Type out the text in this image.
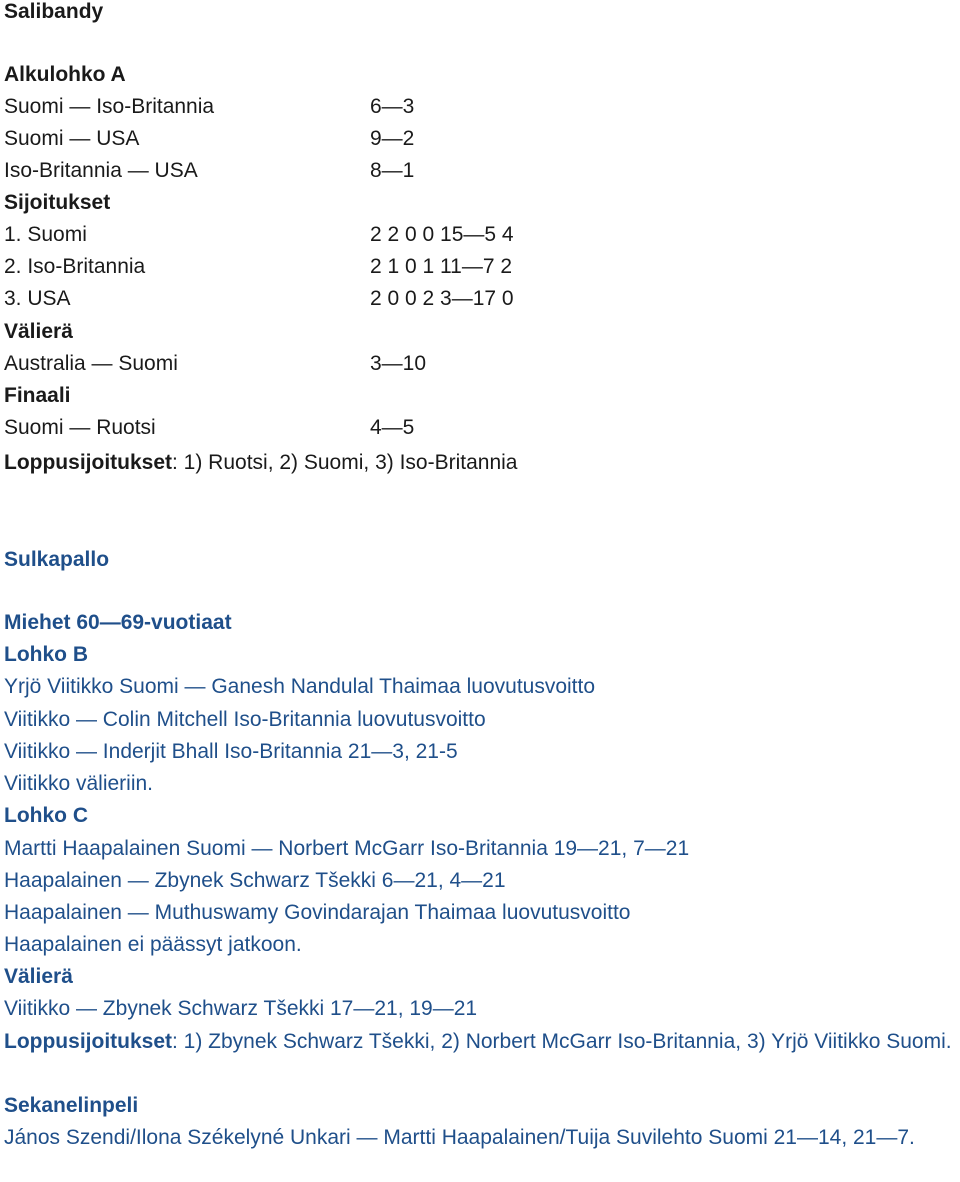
Salibandy
Alkulohko A
Suomi — Iso-Britannia	6—3
Suomi — USA	9—2
Iso-Britannia — USA	8—1
Sijoitukset
1. Suomi	2 2 0 0 15—5 4
2. Iso-Britannia	2 1 0 1 11—7 2
3. USA	2 0 0 2 3—17 0
Välierä
Australia — Suomi	3—10
Finaali
Suomi — Ruotsi	4—5
Loppusijoitukset: 1) Ruotsi, 2) Suomi, 3) Iso-Britannia
Sulkapallo
Miehet 60—69-vuotiaat
Lohko B
Yrjö Viitikko Suomi — Ganesh Nandulal Thaimaa luovutusvoitto
Viitikko — Colin Mitchell Iso-Britannia luovutusvoitto
Viitikko — Inderjit Bhall Iso-Britannia 21—3, 21-5
Viitikko välieriin.
Lohko C
Martti Haapalainen Suomi — Norbert McGarr Iso-Britannia 19—21, 7—21
Haapalainen — Zbynek Schwarz Tšekki 6—21, 4—21
Haapalainen — Muthuswamy Govindarajan Thaimaa luovutusvoitto
Haapalainen ei päässyt jatkoon.
Välierä
Viitikko — Zbynek Schwarz Tšekki 17—21, 19—21
Loppusijoitukset: 1) Zbynek Schwarz Tšekki, 2) Norbert McGarr Iso-Britannia, 3) Yrjö Viitikko Suomi.
Sekanelinpeli
János Szendi/Ilona Székelyné Unkari — Martti Haapalainen/Tuija Suvilehto Suomi 21—14, 21—7.
